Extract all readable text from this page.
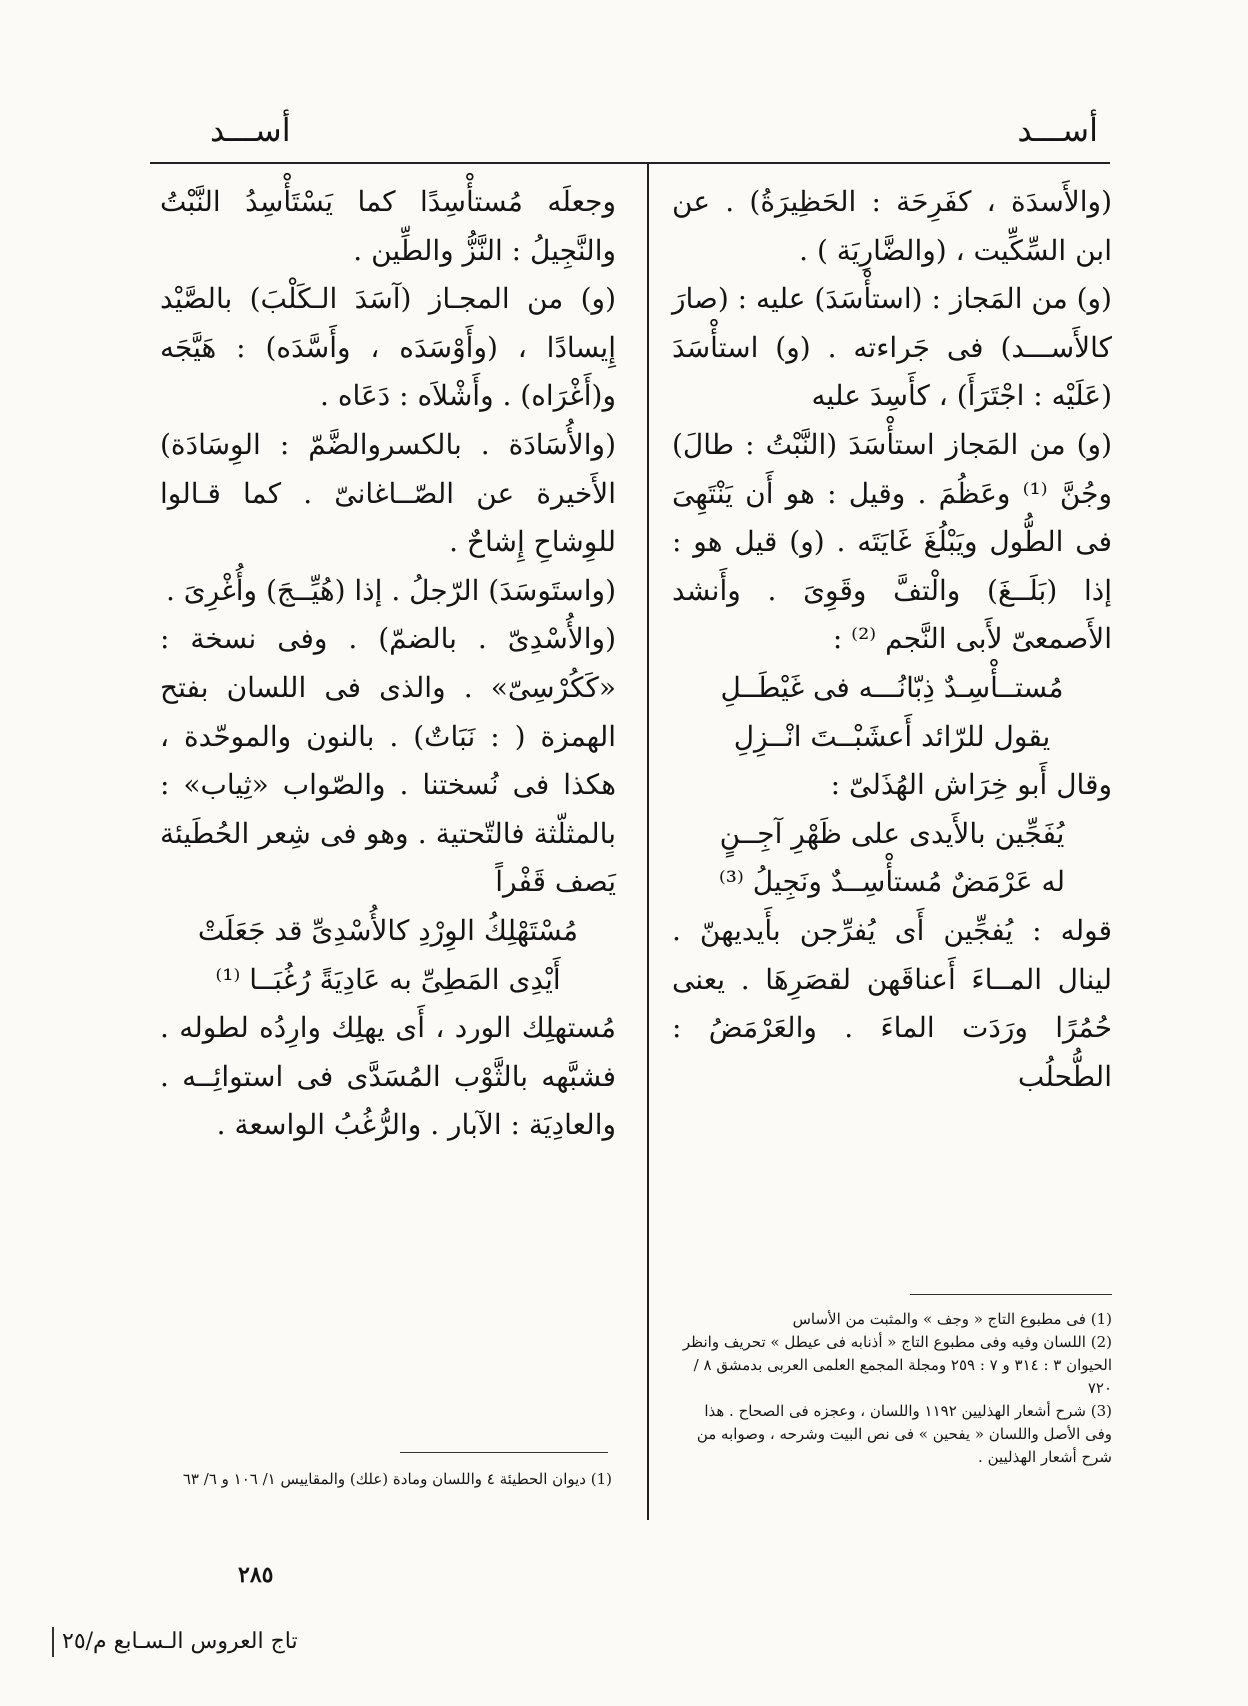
أســـد
أســـد

(والأَسدَة ، كفَرِحَة : الحَظِيرَةُ) . عن ابن السِّكِّيت ، (والضَّارِيَة ) .

(و) من المَجاز : (استأْسَدَ) عليه : (صارَ كالأَســـد) فى جَراءته . (و) استأْسَدَ (عَلَيْه : اجْتَرَأَ) ، كأَسِدَ عليه

(و) من المَجاز استأْسَدَ (النَّبْتُ : طالَ) وجُنَّ ⁽¹⁾ وعَظُمَ . وقيل : هو أَن يَنْتَهِىَ فى الطُّول ويَبْلُغَ غَايَتَه . (و) قيل هو : إذا (بَلَــغَ) والْتفَّ وقَوِىَ . وأَنشد الأَصمعىّ لأَبى النَّجم ⁽²⁾ :

مُستــأْسِـدٌ ذِبّانُـــه فى غَيْطَــلِ
يقول للرّائد أَعشَبْــتَ انْــزِلِ

وقال أَبو خِرَاش الهُذَلىّ :

يُفَجِّين بالأَيدى على ظَهْرِ آجِــنٍ
له عَرْمَضٌ مُستأْسِــدٌ ونَجِيلُ ⁽³⁾

قوله : يُفجِّين أَى يُفرِّجن بأَيديهنّ . لينال المــاءَ أَعناقَهن لقصَرِهَا . يعنى حُمُرًا ورَدَت الماءَ . والعَرْمَضُ : الطُّحلُب

(1) فى مطبوع التاج « وجف » والمثبت من الأساس

(2) اللسان وفيه وفى مطبوع التاج « أذنابه فى عيطل » تحريف وانظر الحيوان ٣ : ٣١٤ و ٧ : ٢٥٩ ومجلة المجمع العلمى العربى بدمشق ٨ / ٧٢٠

(3) شرح أشعار الهذليين ١١٩٢ واللسان ، وعجزه فى الصحاح . هذا وفى الأصل واللسان « يفحين » فى نص البيت وشرحه ، وصوابه من شرح أشعار الهذليين .

وجعلَه مُستأْسِدًا كما يَسْتَأْسِدُ النَّبْتُ والنَّجِيلُ : النَّزُّ والطِّين .

(و) من المجـاز (آسَدَ الـكَلْبَ) بالصَّيْد إِيسادًا ، (وأَوْسَدَه ، وأَسَّدَه) : هَيَّجَه و(أَغْرَاه) . وأَشْلاَه : دَعَاه .

(والأُسَادَة . بالكسروالضَّمّ : الوِسَادَة) الأَخيرة عن الصّــاغانىّ . كما قـالوا للوِشاحِ إِشاحٌ .

(واستَوسَدَ) الرّجلُ . إذا (هُيِّــجَ) وأُغْرِىَ .

(والأُسْدِىّ . بالضمّ) . وفى نسخة : «كَكُرْسِىّ» . والذى فى اللسان بفتح الهمزة ( : نَبَاتٌ) . بالنون والموحّدة ، هكذا فى نُسختنا . والصّواب «ثِياب» : بالمثلّثة فالتّحتية . وهو فى شِعر الحُطَيئة يَصف قَفْراً

مُسْتَهْلِكُ الوِرْدِ كالأُسْدِىِّ قد جَعَلَتْ
أَيْدِى المَطِىِّ به عَادِيَةً رُغُبَــا ⁽¹⁾

مُستهلِك الورد ، أَى يهلِك وارِدُه لطوله . فشبَّهه بالثَّوْب المُسَدَّى فى استوائِــه . والعادِيَة : الآبار . والرُّغُبُ الواسعة .

(1) ديوان الحطيئة ٤ واللسان ومادة (علك) والمقاييس ١/ ١٠٦ و ٦/ ٦٣

٢٨٥
تاج العروس الـسـابع م/٢٥
